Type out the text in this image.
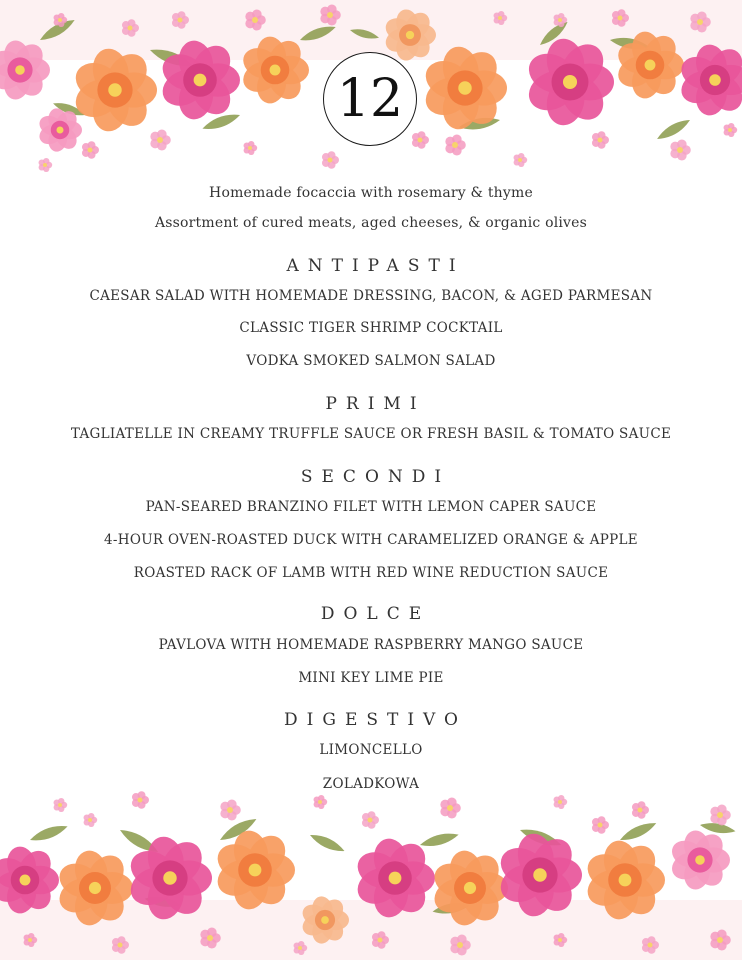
12
Homemade focaccia with rosemary & thyme
Assortment of cured meats, aged cheeses, & organic olives
ANTIPASTI
CAESAR SALAD WITH HOMEMADE DRESSING, BACON, & AGED PARMESAN
CLASSIC TIGER SHRIMP COCKTAIL
VODKA SMOKED SALMON SALAD
PRIMI
TAGLIATELLE IN CREAMY TRUFFLE SAUCE OR FRESH BASIL & TOMATO SAUCE
SECONDI
PAN-SEARED BRANZINO FILET WITH LEMON CAPER SAUCE
4-HOUR OVEN-ROASTED DUCK WITH CARAMELIZED ORANGE & APPLE
ROASTED RACK OF LAMB WITH RED WINE REDUCTION SAUCE
DOLCE
PAVLOVA WITH HOMEMADE RASPBERRY MANGO SAUCE
MINI KEY LIME PIE
DIGESTIVO
LIMONCELLO
ZOLADKOWA
